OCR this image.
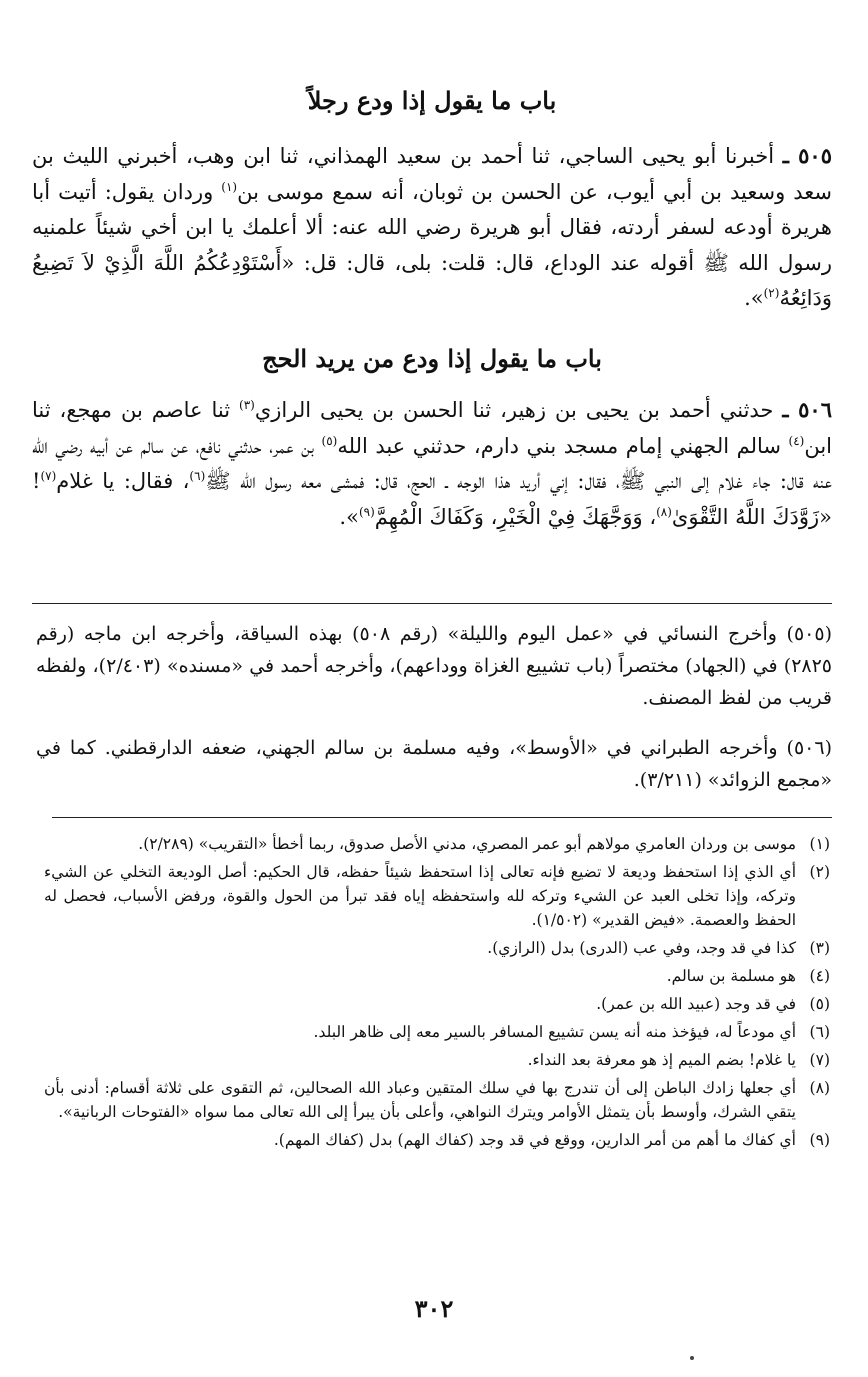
باب ما يقول إذا ودع رجلاً
٥٠٥ ـ أخبرنا أبو يحيى الساجي، ثنا أحمد بن سعيد الهمذاني، ثنا ابن وهب، أخبرني الليث بن سعد وسعيد بن أبي أيوب، عن الحسن بن ثوبان، أنه سمع موسى بن$^{(١)}$ وردان يقول: أتيت أبا هريرة أودعه لسفر أردته، فقال أبو هريرة رضي الله عنه: ألا أعلمك يا ابن أخي شيئاً علمنيه رسول الله ﷺ أقوله عند الوداع، قال: قلت: بلى، قال: قل: «أَسْتَوْدِعُكُمُ اللَّهَ الَّذِيْ لاَ تَضِيعُ وَدَائِعُهُ$^{(٢)}$».
باب ما يقول إذا ودع من يريد الحج
٥٠٦ ـ حدثني أحمد بن يحيى بن زهير، ثنا الحسن بن يحيى الرازي$^{(٣)}$ ثنا عاصم بن مهجع، ثنا ابن$^{(٤)}$ سالم الجهني إمام مسجد بني دارم، حدثني عبد الله$^{(٥)}$ بن عمر، حدثني نافع، عن سالم عن أبيه رضي الله عنه قال: جاء غلام إلى النبي ﷺ، فقال: إني أريد هذا الوجه ـ الحج، قال: فمشى معه رسول الله ﷺ$^{(٦)}$، فقال: يا غلام$^{(٧)}$! «زَوَّدَكَ اللَّهُ التَّقْوَىٰ$^{(٨)}$، وَوَجَّهَكَ فِيْ الْخَيْرِ، وَكَفَاكَ الْمُهِمَّ$^{(٩)}$».
(٥٠٥) وأخرج النسائي في «عمل اليوم والليلة» (رقم ٥٠٨) بهذه السياقة، وأخرجه ابن ماجه (رقم ٢٨٢٥) في (الجهاد) مختصراً (باب تشييع الغزاة ووداعهم)، وأخرجه أحمد في «مسنده» (٢/٤٠٣)، ولفظه قريب من لفظ المصنف.
(٥٠٦) وأخرجه الطبراني في «الأوسط»، وفيه مسلمة بن سالم الجهني، ضعفه الدارقطني. كما في «مجمع الزوائد» (٣/٢١١).
(١)
موسى بن وردان العامري مولاهم أبو عمر المصري، مدني الأصل صدوق، ربما أخطأ «التقريب» (٢/٢٨٩).
(٢)
أي الذي إذا استحفظ وديعة لا تضيع فإنه تعالى إذا استحفظ شيئاً حفظه، قال الحكيم: أصل الوديعة التخلي عن الشيء وتركه، وإذا تخلى العبد عن الشيء وتركه لله واستحفظه إياه فقد تبرأ من الحول والقوة، ورفض الأسباب، فحصل له الحفظ والعصمة. «فيض القدير» (١/٥٠٢).
(٣)
كذا في قد وجد، وفي عب (الدرى) بدل (الرازي).
(٤)
هو مسلمة بن سالم.
(٥)
في قد وجد (عبيد الله بن عمر).
(٦)
أي مودعاً له، فيؤخذ منه أنه يسن تشييع المسافر بالسير معه إلى ظاهر البلد.
(٧)
يا غلام! بضم الميم إذ هو معرفة بعد النداء.
(٨)
أي جعلها زادك الباطن إلى أن تندرج بها في سلك المتقين وعباد الله الصحالين، ثم التقوى على ثلاثة أقسام: أدنى بأن يتقي الشرك، وأوسط بأن يتمثل الأوامر ويترك النواهي، وأعلى بأن يبرأ إلى الله تعالى مما سواه «الفتوحات الربانية».
(٩)
أي كفاك ما أهم من أمر الدارين، ووقع في قد وجد (كفاك الهم) بدل (كفاك المهم).
٣٠٢
